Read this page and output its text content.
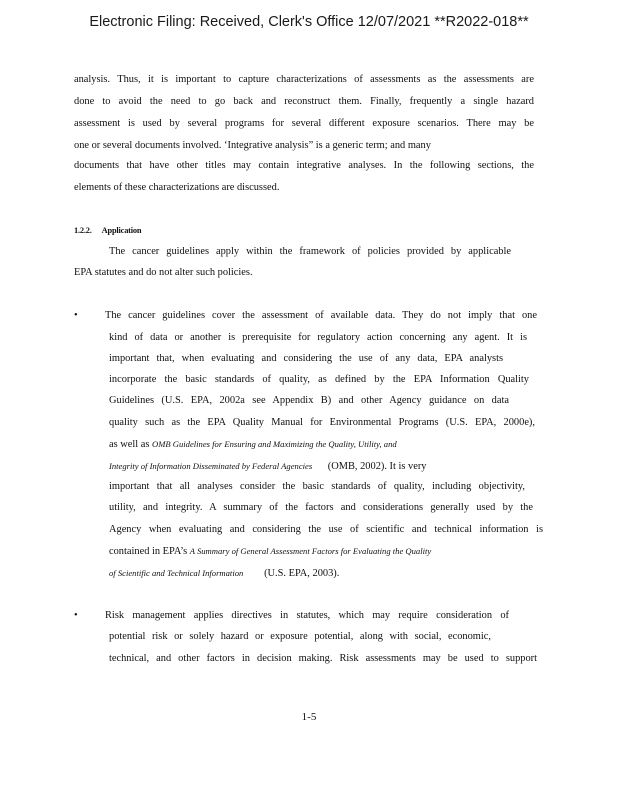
Electronic Filing: Received, Clerk's Office 12/07/2021 **R2022-018**
analysis. Thus, it is important to capture characterizations of assessments as the assessments are
done to avoid the need to go back and reconstruct them. Finally, frequently a single hazard
assessment is used by several programs for several different exposure scenarios. There may be
one or several documents involved. ‘Integrative analysis” is a generic term; and many
documents that have other titles may contain integrative analyses. In the following sections, the
elements of these characterizations are discussed.
1.2.2. Application
The cancer guidelines apply within the framework of policies provided by applicable
EPA statutes and do not alter such policies.
•	The cancer guidelines cover the assessment of available data. They do not imply that one
kind of data or another is prerequisite for regulatory action concerning any agent. It is
important that, when evaluating and considering the use of any data, EPA analysts
incorporate the basic standards of quality, as defined by the EPA Information Quality
Guidelines (U.S. EPA, 2002a see Appendix B) and other Agency guidance on data
quality such as the EPA Quality Manual for Environmental Programs (U.S. EPA, 2000e),
as well as OMB Guidelines for Ensuring and Maximizing the Quality, Utility, and
Integrity of Information Disseminated by Federal Agencies (OMB, 2002). It is very
important that all analyses consider the basic standards of quality, including objectivity,
utility, and integrity. A summary of the factors and considerations generally used by the
Agency when evaluating and considering the use of scientific and technical information is
contained in EPA’s A Summary of General Assessment Factors for Evaluating the Quality
of Scientific and Technical Information (U.S. EPA, 2003).
•	Risk management applies directives in statutes, which may require consideration of
potential risk or solely hazard or exposure potential, along with social, economic,
technical, and other factors in decision making. Risk assessments may be used to support
1-5
